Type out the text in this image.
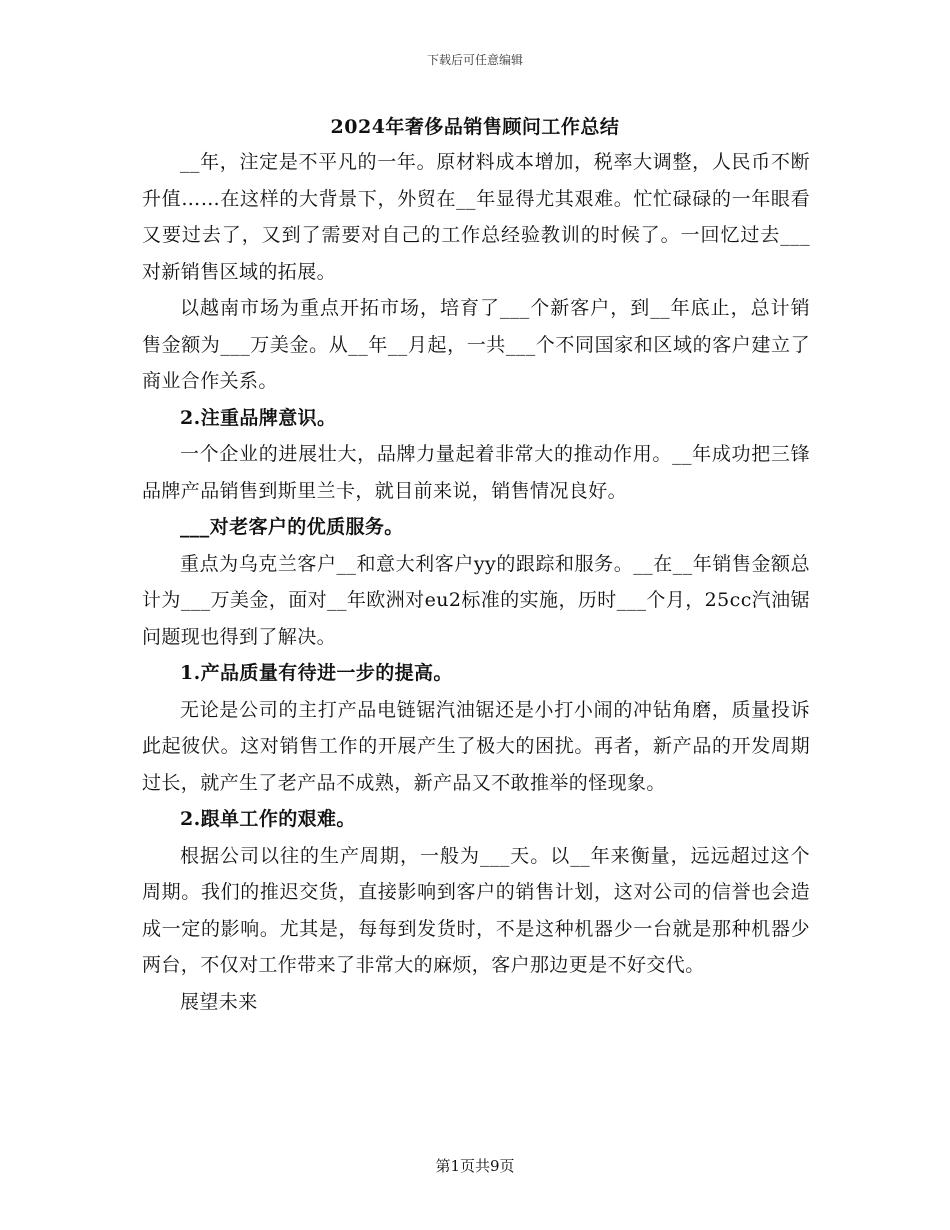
下载后可任意编辑
2024年奢侈品销售顾问工作总结

__年，注定是不平凡的一年。原材料成本增加，税率大调整，人民币不断升值……在这样的大背景下，外贸在__年显得尤其艰难。忙忙碌碌的一年眼看又要过去了，又到了需要对自己的工作总经验教训的时候了。一回忆过去___对新销售区域的拓展。

以越南市场为重点开拓市场，培育了___个新客户，到__年底止，总计销售金额为___万美金。从__年__月起，一共___个不同国家和区域的客户建立了商业合作关系。

2.注重品牌意识。

一个企业的进展壮大，品牌力量起着非常大的推动作用。__年成功把三锋品牌产品销售到斯里兰卡，就目前来说，销售情况良好。

___对老客户的优质服务。

重点为乌克兰客户__和意大利客户yy的跟踪和服务。__在__年销售金额总计为___万美金，面对__年欧洲对eu2标准的实施，历时___个月，25cc汽油锯问题现也得到了解决。

1.产品质量有待进一步的提高。

无论是公司的主打产品电链锯汽油锯还是小打小闹的冲钻角磨，质量投诉此起彼伏。这对销售工作的开展产生了极大的困扰。再者，新产品的开发周期过长，就产生了老产品不成熟，新产品又不敢推举的怪现象。

2.跟单工作的艰难。

根据公司以往的生产周期，一般为___天。以__年来衡量，远远超过这个周期。我们的推迟交货，直接影响到客户的销售计划，这对公司的信誉也会造成一定的影响。尤其是，每每到发货时，不是这种机器少一台就是那种机器少两台，不仅对工作带来了非常大的麻烦，客户那边更是不好交代。

展望未来

第1页共9页
